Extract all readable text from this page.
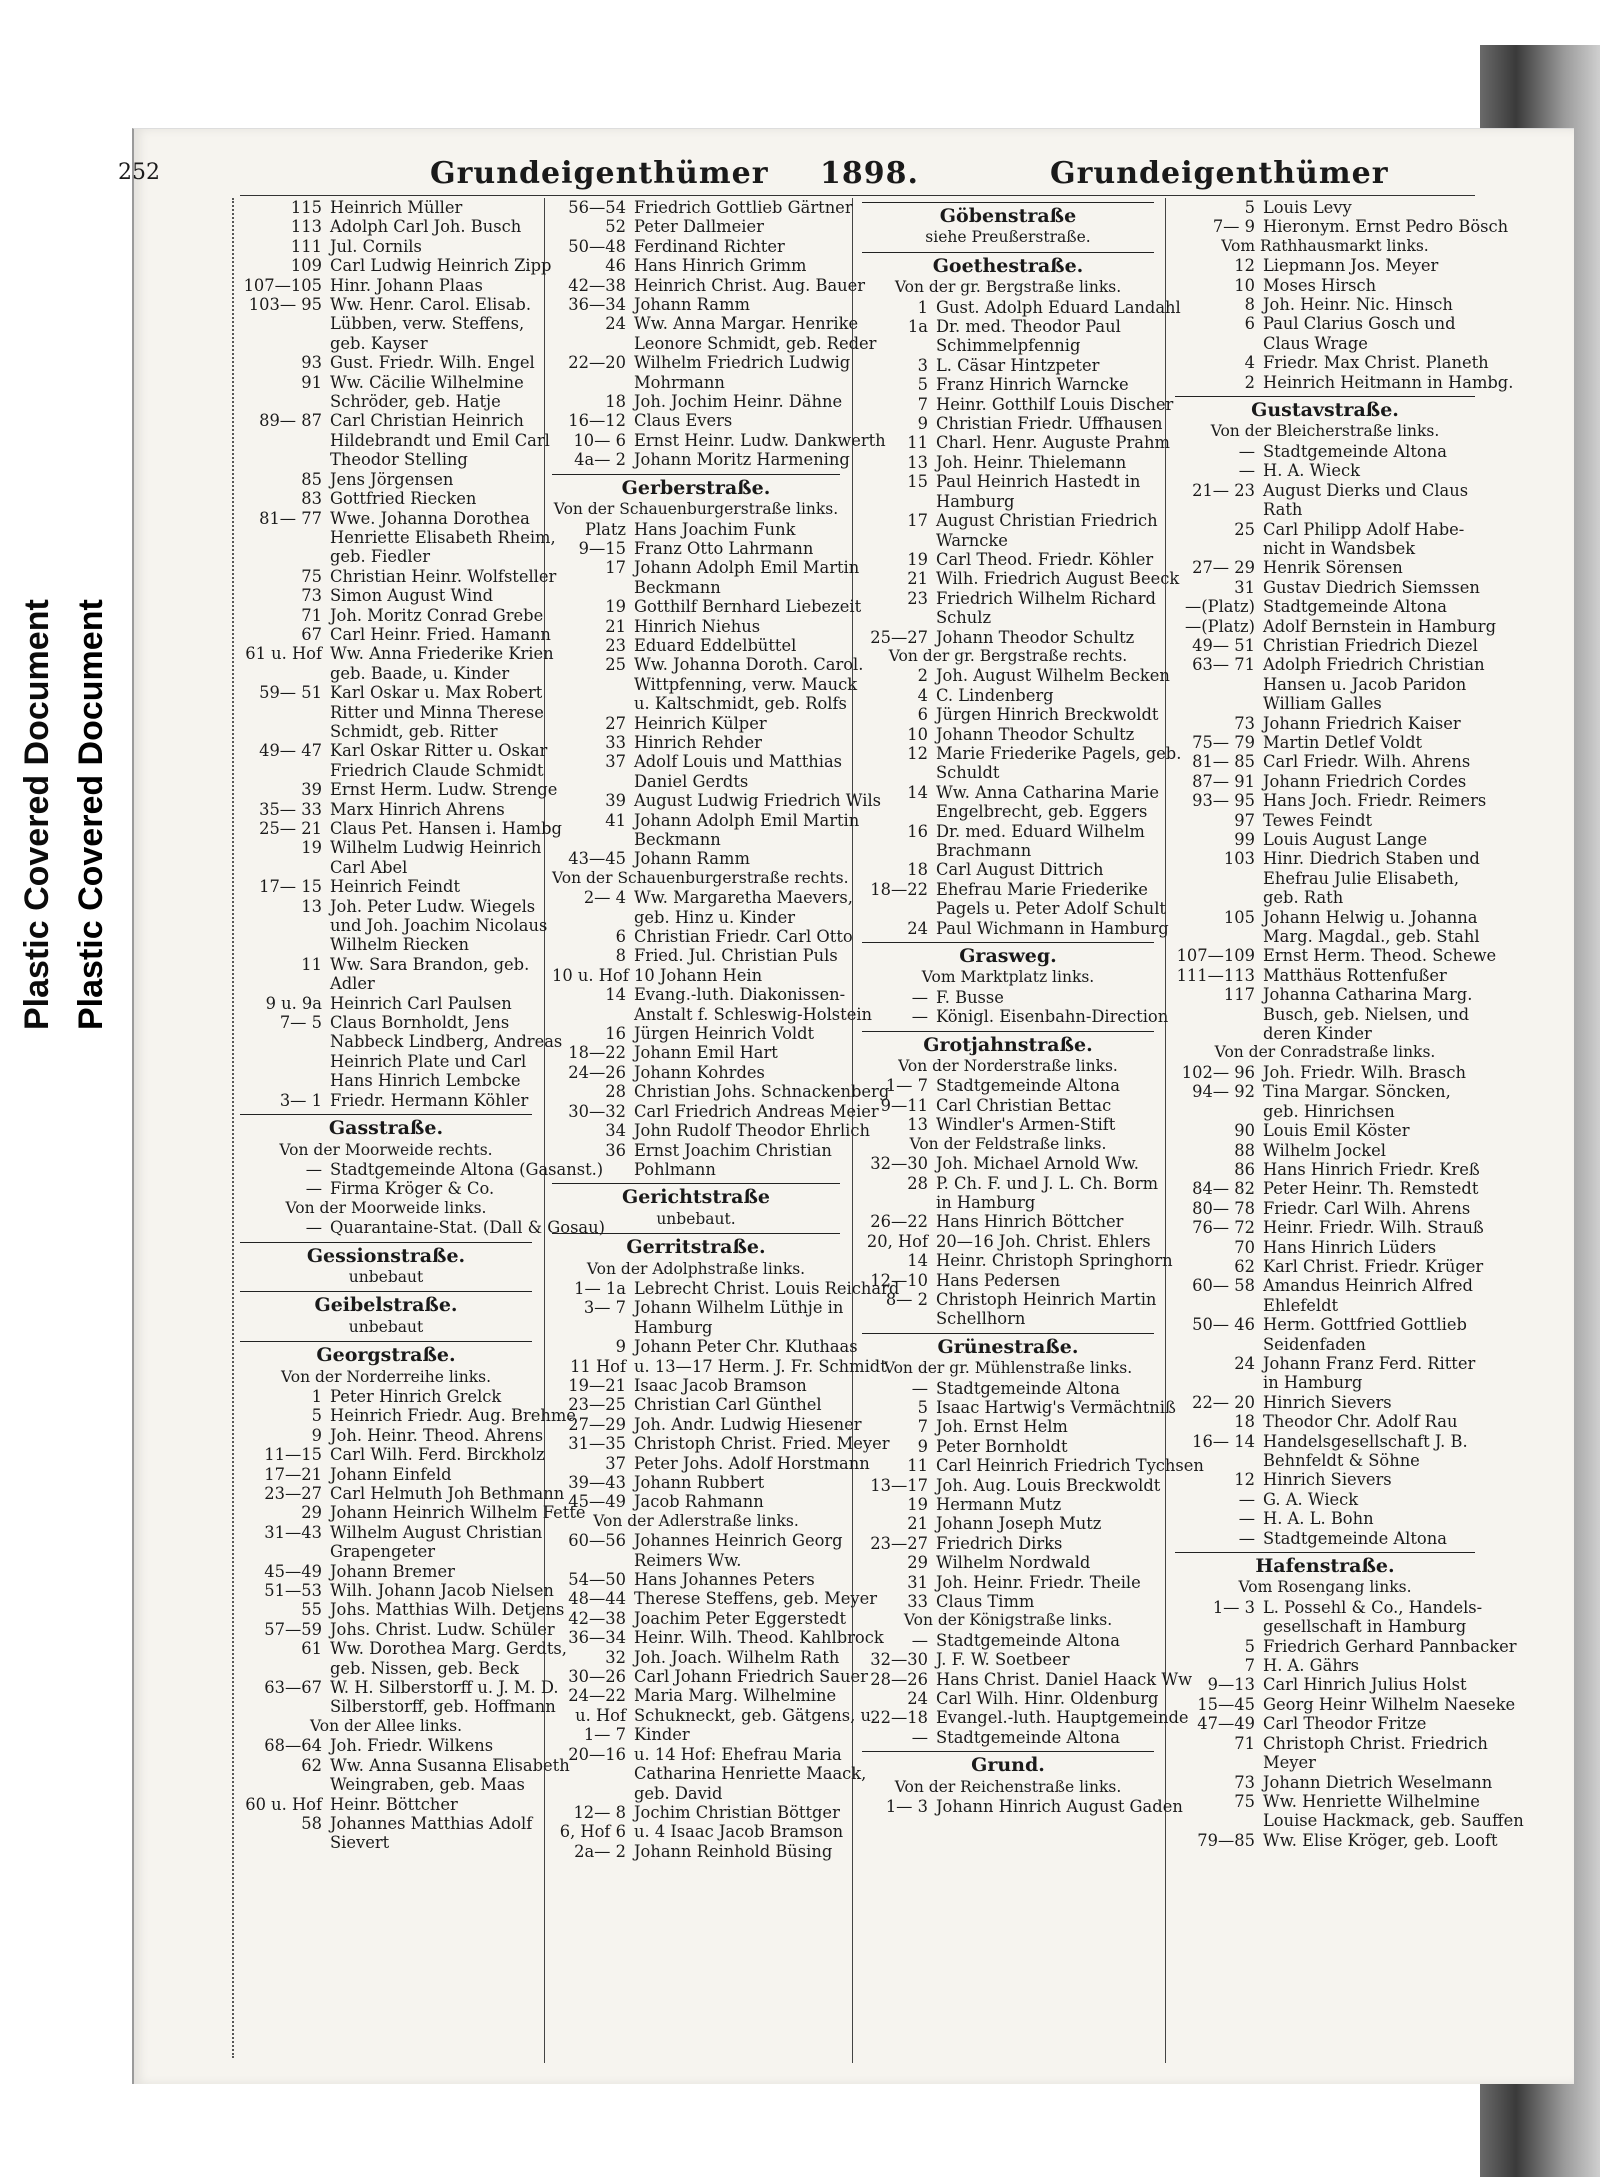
Plastic Covered Document Plastic Covered Document
252	Grundeigenthümer 1898.	Grundeigenthümer
115 Heinrich Müller
113 Adolph Carl Joh. Busch
111 Jul. Cornils
109 Carl Ludwig Heinrich Zipp
107—105 Hinr. Johann Plaas
103— 95 Ww. Henr. Carol. Elisab.
Lübben, verw. Steffens,
geb. Kayser
93 Gust. Friedr. Wilh. Engel
91 Ww. Cäcilie Wilhelmine
Schröder, geb. Hatje
89— 87 Carl Christian Heinrich
Hildebrandt und Emil Carl
Theodor Stelling
85 Jens Jörgensen
83 Gottfried Riecken
81— 77 Wwe. Johanna Dorothea
Henriette Elisabeth Rheim,
geb. Fiedler
75 Christian Heinr. Wolfsteller
73 Simon August Wind
71 Joh. Moritz Conrad Grebe
67 Carl Heinr. Fried. Hamann
61 u. Hof Ww. Anna Friederike Krien
geb. Baade, u. Kinder
59— 51 Karl Oskar u. Max Robert
Ritter und Minna Therese
Schmidt, geb. Ritter
49— 47 Karl Oskar Ritter u. Oskar
Friedrich Claude Schmidt
39 Ernst Herm. Ludw. Strenge
35— 33 Marx Hinrich Ahrens
25— 21 Claus Pet. Hansen i. Hambg
19 Wilhelm Ludwig Heinrich
Carl Abel
17— 15 Heinrich Feindt
13 Joh. Peter Ludw. Wiegels
und Joh. Joachim Nicolaus
Wilhelm Riecken
11 Ww. Sara Brandon, geb.
Adler
9 u. 9a Heinrich Carl Paulsen
7— 5 Claus Bornholdt, Jens
Nabbeck Lindberg, Andreas
Heinrich Plate und Carl
Hans Hinrich Lembcke
3— 1 Friedr. Hermann Köhler
Gasstraße.
Von der Moorweide rechts.
— Stadtgemeinde Altona (Gasanst.)
— Firma Kröger & Co.
Von der Moorweide links.
— Quarantaine-Stat. (Dall & Gosau)
Gessionstraße.
unbebaut
Geibelstraße.
unbebaut
Georgstraße.
Von der Norderreihe links.
1 Peter Hinrich Grelck
5 Heinrich Friedr. Aug. Brehme
9 Joh. Heinr. Theod. Ahrens
11—15 Carl Wilh. Ferd. Birckholz
17—21 Johann Einfeld
23—27 Carl Helmuth Joh Bethmann
29 Johann Heinrich Wilhelm Fette
31—43 Wilhelm August Christian
Grapengeter
45—49 Johann Bremer
51—53 Wilh. Johann Jacob Nielsen
55 Johs. Matthias Wilh. Detjens
57—59 Johs. Christ. Ludw. Schüler
61 Ww. Dorothea Marg. Gerdts,
geb. Nissen, geb. Beck
63—67 W. H. Silberstorff u. J. M. D.
Silberstorff, geb. Hoffmann
Von der Allee links.
68—64 Joh. Friedr. Wilkens
62 Ww. Anna Susanna Elisabeth
Weingraben, geb. Maas
60 u. Hof Heinr. Böttcher
58 Johannes Matthias Adolf
Sievert
56—54 Friedrich Gottlieb Gärtner
52 Peter Dallmeier
50—48 Ferdinand Richter
46 Hans Hinrich Grimm
42—38 Heinrich Christ. Aug. Bauer
36—34 Johann Ramm
24 Ww. Anna Margar. Henrike
Leonore Schmidt, geb. Reder
22—20 Wilhelm Friedrich Ludwig
Mohrmann
18 Joh. Jochim Heinr. Dähne
16—12 Claus Evers
10— 6 Ernst Heinr. Ludw. Dankwerth
4a— 2 Johann Moritz Harmening
Gerberstraße.
Von der Schauenburgerstraße links.
Platz Hans Joachim Funk
9—15 Franz Otto Lahrmann
17 Johann Adolph Emil Martin
Beckmann
19 Gotthilf Bernhard Liebezeit
21 Hinrich Niehus
23 Eduard Eddelbüttel
25 Ww. Johanna Doroth. Carol.
Wittpfenning, verw. Mauck
u. Kaltschmidt, geb. Rolfs
27 Heinrich Külper
33 Hinrich Rehder
37 Adolf Louis und Matthias
Daniel Gerdts
39 August Ludwig Friedrich Wils
41 Johann Adolph Emil Martin
Beckmann
43—45 Johann Ramm
Von der Schauenburgerstraße rechts.
2— 4 Ww. Margaretha Maevers,
geb. Hinz u. Kinder
6 Christian Friedr. Carl Otto
8 Fried. Jul. Christian Puls
10 u. Hof 10 Johann Hein
14 Evang.-luth. Diakonissen-
Anstalt f. Schleswig-Holstein
16 Jürgen Heinrich Voldt
18—22 Johann Emil Hart
24—26 Johann Kohrdes
28 Christian Johs. Schnackenberg
30—32 Carl Friedrich Andreas Meier
34 John Rudolf Theodor Ehrlich
36 Ernst Joachim Christian
Pohlmann
Gerichtstraße
unbebaut.
Gerritstraße.
Von der Adolphstraße links.
1— 1a Lebrecht Christ. Louis Reichard
3— 7 Johann Wilhelm Lüthje in
Hamburg
9 Johann Peter Chr. Kluthaas
11 Hof u. 13—17 Herm. J. Fr. Schmidt
19—21 Isaac Jacob Bramson
23—25 Christian Carl Günthel
27—29 Joh. Andr. Ludwig Hiesener
31—35 Christoph Christ. Fried. Meyer
37 Peter Johs. Adolf Horstmann
39—43 Johann Rubbert
45—49 Jacob Rahmann
Von der Adlerstraße links.
60—56 Johannes Heinrich Georg
Reimers Ww.
54—50 Hans Johannes Peters
48—44 Therese Steffens, geb. Meyer
42—38 Joachim Peter Eggerstedt
36—34 Heinr. Wilh. Theod. Kahlbrock
32 Joh. Joach. Wilhelm Rath
30—26 Carl Johann Friedrich Sauer
24—22 Maria Marg. Wilhelmine
u. Hof Schukneckt, geb. Gätgens, u.
1— 7 Kinder
20—16 u. 14 Hof: Ehefrau Maria
Catharina Henriette Maack,
geb. David
12— 8 Jochim Christian Böttger
6, Hof 6 u. 4 Isaac Jacob Bramson
2a— 2 Johann Reinhold Büsing
Göbenstraße
siehe Preußerstraße.
Goethestraße.
Von der gr. Bergstraße links.
1 Gust. Adolph Eduard Landahl
1a Dr. med. Theodor Paul
Schimmelpfennig
3 L. Cäsar Hintzpeter
5 Franz Hinrich Warncke
7 Heinr. Gotthilf Louis Discher
9 Christian Friedr. Uffhausen
11 Charl. Henr. Auguste Prahm
13 Joh. Heinr. Thielemann
15 Paul Heinrich Hastedt in
Hamburg
17 August Christian Friedrich
Warncke
19 Carl Theod. Friedr. Köhler
21 Wilh. Friedrich August Beeck
23 Friedrich Wilhelm Richard
Schulz
25—27 Johann Theodor Schultz
Von der gr. Bergstraße rechts.
2 Joh. August Wilhelm Becken
4 C. Lindenberg
6 Jürgen Hinrich Breckwoldt
10 Johann Theodor Schultz
12 Marie Friederike Pagels, geb.
Schuldt
14 Ww. Anna Catharina Marie
Engelbrecht, geb. Eggers
16 Dr. med. Eduard Wilhelm
Brachmann
18 Carl August Dittrich
18—22 Ehefrau Marie Friederike
Pagels u. Peter Adolf Schult
24 Paul Wichmann in Hamburg
Grasweg.
Vom Marktplatz links.
— F. Busse
— Königl. Eisenbahn-Direction
Grotjahnstraße.
Von der Norderstraße links.
1— 7 Stadtgemeinde Altona
9—11 Carl Christian Bettac
13 Windler's Armen-Stift
Von der Feldstraße links.
32—30 Joh. Michael Arnold Ww.
28 P. Ch. F. und J. L. Ch. Borm
in Hamburg
26—22 Hans Hinrich Böttcher
20, Hof 20—16 Joh. Christ. Ehlers
14 Heinr. Christoph Springhorn
12—10 Hans Pedersen
8— 2 Christoph Heinrich Martin
Schellhorn
Grünestraße.
Von der gr. Mühlenstraße links.
— Stadtgemeinde Altona
5 Isaac Hartwig's Vermächtniß
7 Joh. Ernst Helm
9 Peter Bornholdt
11 Carl Heinrich Friedrich Tychsen
13—17 Joh. Aug. Louis Breckwoldt
19 Hermann Mutz
21 Johann Joseph Mutz
23—27 Friedrich Dirks
29 Wilhelm Nordwald
31 Joh. Heinr. Friedr. Theile
33 Claus Timm
Von der Königstraße links.
— Stadtgemeinde Altona
32—30 J. F. W. Soetbeer
28—26 Hans Christ. Daniel Haack Ww
24 Carl Wilh. Hinr. Oldenburg
22—18 Evangel.-luth. Hauptgemeinde
— Stadtgemeinde Altona
Grund.
Von der Reichenstraße links.
1— 3 Johann Hinrich August Gaden
5 Louis Levy
7— 9 Hieronym. Ernst Pedro Bösch
Vom Rathhausmarkt links.
12 Liepmann Jos. Meyer
10 Moses Hirsch
8 Joh. Heinr. Nic. Hinsch
6 Paul Clarius Gosch und
Claus Wrage
4 Friedr. Max Christ. Planeth
2 Heinrich Heitmann in Hambg.
Gustavstraße.
Von der Bleicherstraße links.
— Stadtgemeinde Altona
— H. A. Wieck
21— 23 August Dierks und Claus
Rath
25 Carl Philipp Adolf Habe-
nicht in Wandsbek
27— 29 Henrik Sörensen
31 Gustav Diedrich Siemssen
—(Platz) Stadtgemeinde Altona
—(Platz) Adolf Bernstein in Hamburg
49— 51 Christian Friedrich Diezel
63— 71 Adolph Friedrich Christian
Hansen u. Jacob Paridon
William Galles
73 Johann Friedrich Kaiser
75— 79 Martin Detlef Voldt
81— 85 Carl Friedr. Wilh. Ahrens
87— 91 Johann Friedrich Cordes
93— 95 Hans Joch. Friedr. Reimers
97 Tewes Feindt
99 Louis August Lange
103 Hinr. Diedrich Staben und
Ehefrau Julie Elisabeth,
geb. Rath
105 Johann Helwig u. Johanna
Marg. Magdal., geb. Stahl
107—109 Ernst Herm. Theod. Schewe
111—113 Matthäus Rottenfußer
117 Johanna Catharina Marg.
Busch, geb. Nielsen, und
deren Kinder
Von der Conradstraße links.
102— 96 Joh. Friedr. Wilh. Brasch
94— 92 Tina Margar. Söncken,
geb. Hinrichsen
90 Louis Emil Köster
88 Wilhelm Jockel
86 Hans Hinrich Friedr. Kreß
84— 82 Peter Heinr. Th. Remstedt
80— 78 Friedr. Carl Wilh. Ahrens
76— 72 Heinr. Friedr. Wilh. Strauß
70 Hans Hinrich Lüders
62 Karl Christ. Friedr. Krüger
60— 58 Amandus Heinrich Alfred
Ehlefeldt
50— 46 Herm. Gottfried Gottlieb
Seidenfaden
24 Johann Franz Ferd. Ritter
in Hamburg
22— 20 Hinrich Sievers
18 Theodor Chr. Adolf Rau
16— 14 Handelsgesellschaft J. B.
Behnfeldt & Söhne
12 Hinrich Sievers
— G. A. Wieck
— H. A. L. Bohn
— Stadtgemeinde Altona
Hafenstraße.
Vom Rosengang links.
1— 3 L. Possehl & Co., Handels-
gesellschaft in Hamburg
5 Friedrich Gerhard Pannbacker
7 H. A. Gährs
9—13 Carl Hinrich Julius Holst
15—45 Georg Heinr Wilhelm Naeseke
47—49 Carl Theodor Fritze
71 Christoph Christ. Friedrich
Meyer
73 Johann Dietrich Weselmann
75 Ww. Henriette Wilhelmine
Louise Hackmack, geb. Sauffen
79—85 Ww. Elise Kröger, geb. Looft
